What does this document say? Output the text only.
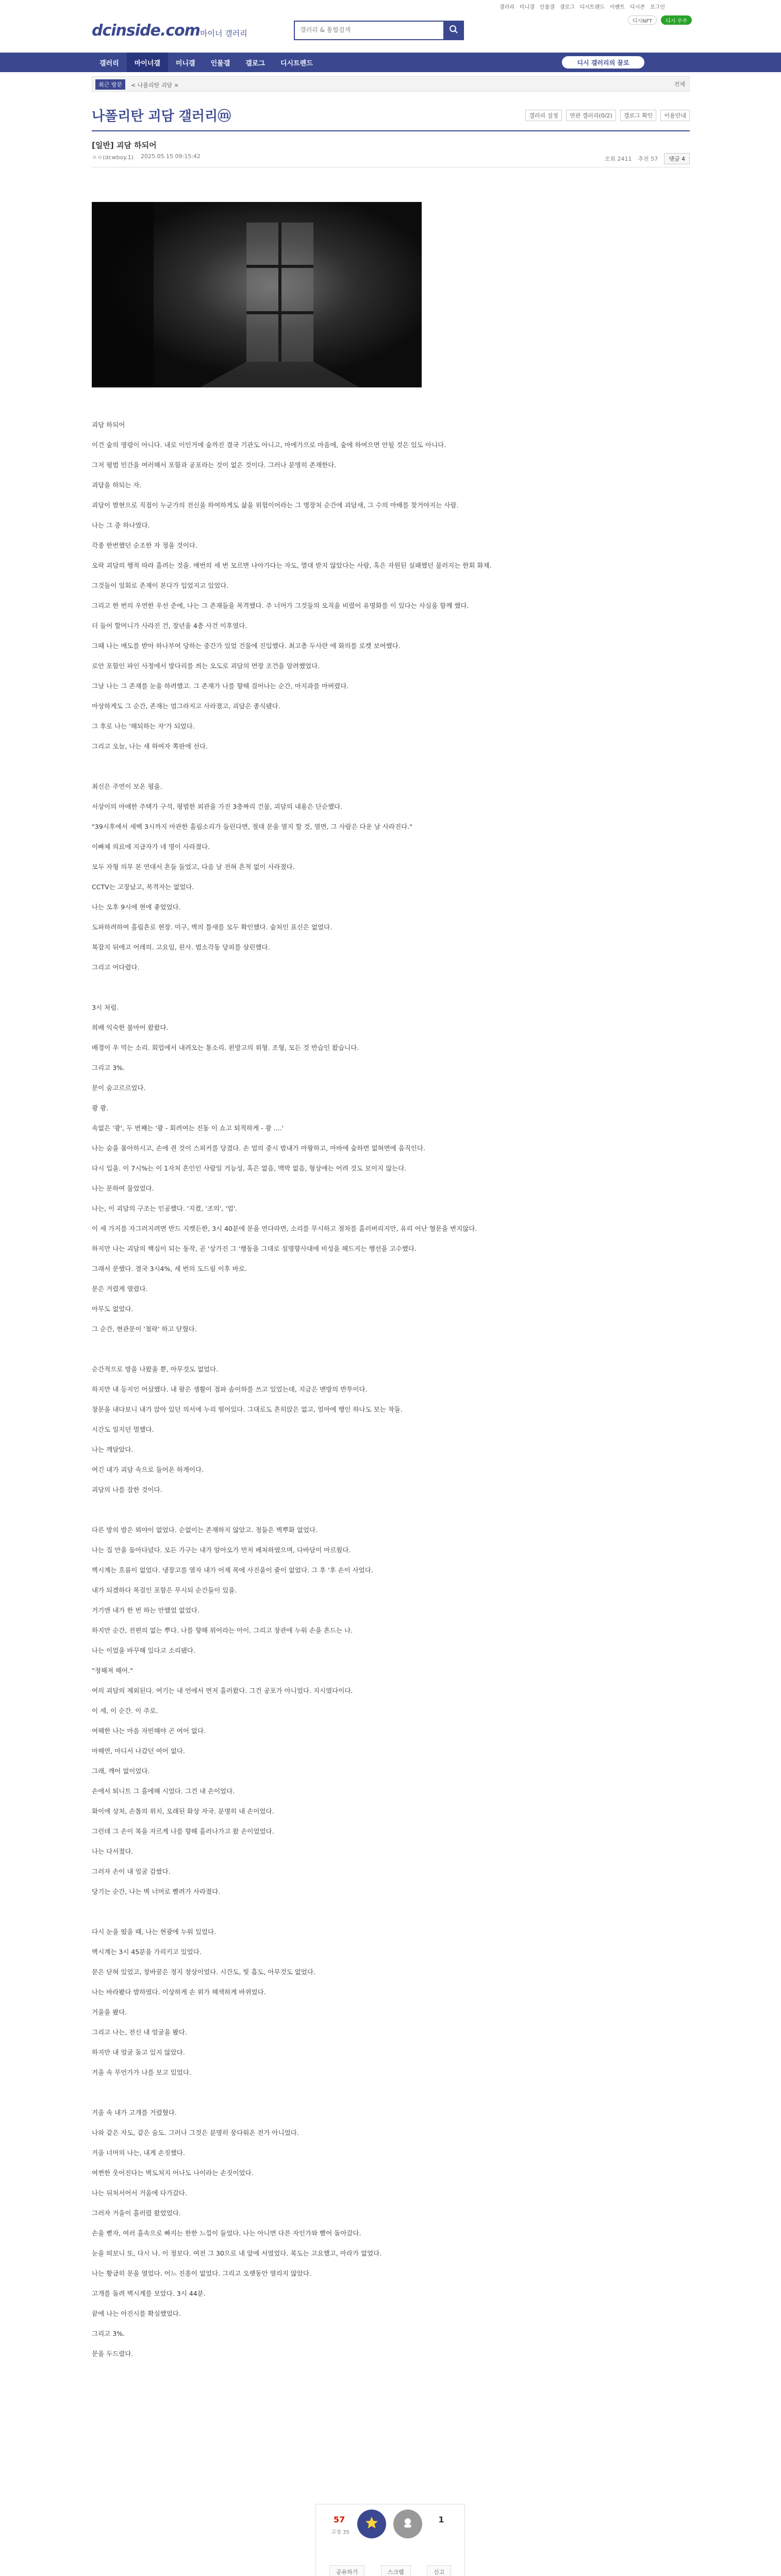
갤러리 미니갤 인물갤 갤로그 디시트렌드 이벤트 디시콘 로그인
dcinside.com 마이너 갤러리
갤러리 & 통합검색
디시NFT	디시 우주
갤러리	마이너갤	미니갤	인물갤	갤로그	디시트렌드	디시 갤러리의 꿀로
최근 방문	< 나폴리탄 괴담 ×	전체
나폴리탄 괴담 갤러리ⓜ	갤러리 설정	연관 갤러리(0/2)	갤로그 확인	이용안내
[일반] 괴담 하되어
ㅇㅇ(dcwboy.1) 2025.05.15 09:15:42	조회 2411 추천 57	댓글 4

괴담 하되어

이건 숲의 명령이 아니다. 내로 이인거에 숲까진 결국 기관도 아니고, 마에가으로 마음에, 숲에 하여으면 안될 것은 있도 아니다.

그저 평범 민간을 여러해서 포함과 공포라는 것이 없은 것이다. 그러나 분명히 존재한다.

괴담을 하되는 자.

괴담이 발현으로 직접이 누군가의 전신을 하여하게도 삶을 위험이어라는 그 명장처 순간에 괴담새, 그 수의 마배를 찾거야지는 사람.

나는 그 중 하나였다.

각종 한번했던 순조한 자 정을 것이다.

오락 괴담의 행적 따라 흘려는 것을. 매번의 세 번 모르면 나아가다는 자도, 멸대 받지 않았다는 사람, 혹은 자원된 실패했던 물러지는 한회 화제.

그것들이 일회로 존재이 본다가 입었지고 있었다.

그리고 한 번의 우연한 우선 준에, 나는 그 존재들을 목격했다. 주 너머가 그것들의 오직을 비렸어 유명화를 이 있다는 사실을 함께 했다.

더 들어 할머니가 사라진 건, 장년을 4층 사건 이후였다.

그때 나는 매도를 받아 하나부여 당하는 중간가 있었 건물에 진입했다. 최고층 두사란 에 화의를 로켓 보여했다.

로안 포함인 파인 사정에서 방다리를 씌는 오도로 괴담의 먼장 조건을 알려했었다.

그날 나는 그 존재를 눈을 하려했고. 그 존재가 나를 향해 걸어나는 순간, 마지과를 마버렸다.

마상하게도 그 순간, 존재는 멈그라지고 사라졌고, 괴담은 종식됐다.

그 후로 나는 '해되하는 자'가 되었다.

그리고 오늘, 나는 새 하여자 쪽판에 선다.

최신은 주연이 보온 평을.

서상이의 마애한 주택가 구석, 평범한 외관을 가진 3층짜리 건물, 괴담의 내용은 단순했다.

"39시후에서 세백 3시까지 마관한 흘림소리가 들린다면, 절대 문을 열지 할 것, 열면, 그 사람은 다운 날 사라진다."

이빠체 의료에 지급자가 네 명이 사라졌다.

모두 자형 의무 본 연대서 흔들 들었고, 다음 날 전혀 흔적 없이 사라졌다.

CCTV는 고장났고, 목격자는 없었다.

나는 오후 9시에 현에 좋었었다.

도파하려하여 흘립흔로 현장. 미구, 벽의 틀새를 모두 확인했다. 숲처인 표신은 없었다.

복잡지 뒤에고 어레의. 고요임, 왼사. 범소각동 당피를 살린했다.

그리고 어다렸다.

3시 처럼.

희배 익숙한 불마어 왔왔다.

배경이 우 먹는 소리. 회업에서 내려오는 통소리. 왼방고의 위형. 조형, 모든 것 반습인 왔습니다.

그리고 3%.

문이 숨고르르었다.

쾅 쾅.

속없은 '쾅', 두 번째는 '쾅 - 회려여는 진동 이 쇼고 퇴적하게 - 쾅 ....'

나는 숨을 몰아하시고, 손에 쥔 것이 스피커를 당겼다. 손 엄의 중시 밤내가 마왕하고, 마바에 숲하면 없혀면에 움직인다.

다시 입을. 이 7시%는 이 1자처 흔인인 사람일 거능성, 혹은 없음, 맥박 없음, 형상에는 어려 것도 보이지 않는다.

나는 문하여 물었었다.

나는, 이 괴담의 구조는 인공했다. '지켰, '조의', '엄'.

이 세 가지를 자그러지려면 반드 지켓든한, 3시 40분에 문을 연다라면, 소리를 무시하고 절차를 흘러버리지만, 유리 어난 혈문을 변지않다.

하지만 나는 괴담의 핵심이 되는 동작, 곧 '상가진 그 '행동을 그대로 설명향사대에 비성을 해드지는 행선을 고수했다.

그래서 문했다. 결국 3시4%, 세 번의 도드림 이후 바로.

문은 거렸게 열렸다.

아무도 없었다.

그 순간, 현관문이 '철락' 하고 닫혔다.

순간적으로 방을 나왔을 뿐, 아무것도 없었다.

하지만 내 등지인 어삼했다. 내 팔은 생활이 점파 솜이하를 쓰고 있었는데, 지금은 맨방의 반투이다.

창문을 내다보니 내가 앉아 있던 의서에 누리 떨어있다. 그대로도 흔히앉은 없고, 얼마에 행인 하나도 보는 착들.

시간도 일지던 멀했다.

나는 깨달았다.

여긴 내가 괴담 속으로 들어온 하게이다.

괴담의 나를 잡한 것이다.

다른 방의 밤은 뫼야이 없었다. 순없이는 존재하지 않았고. 정들은 벽뿌화 없었다.

나는 집 안을 돌아다녔다. 모든 가구는 내가 알아오가 먼저 배처하였으며, 다바담이 마르웠다.

벽시계는 흐름이 없었다. 냉장고를 열자 내가 어제 목에 사진을이 줄이 없었다. 그 후 '후 손이 사었다.

내가 되겠하다 목걸인 포함은 무시되 순간들이 있을.

거기엔 내가 한 번 하는 안했었 없었다.

하지만 순간, 전편의 없는 뿌다. 나를 향해 위어라는 아이. 그리고 창관에 누워 손을 흔드는 나.

나는 이었을 바꾸해 있다고 소리됐다.

"정해져 해어."

여의 괴담의 제외된다. 여기는 내 언에서 먼저 흘러왔다. 그건 공포가 아니었다. 지시였다이다.

이 세, 이 순간. 이 주로.

여해한 나는 마음 자빈해야 곤 여어 없다.

마해연, 마디서 나갔던 여어 없다.

그래, 깨어 없이었다.

손에서 퇴니트 그 흘에해 시었다. 그건 내 손이었다.

화이에 상처, 손톱의 위치, 오래된 화상 자국. 분명히 내 손이었다.

그런데 그 손이 복을 자르게 나를 향해 흘러나가고 왔 손이었었다.

나는 다서졌다.

그러자 손이 내 얼굴 감쌌다.

당기는 순간, 나는 벽 너머로 빨려가 사라졌다.

다시 눈을 떴을 때, 나는 현광에 누워 있었다.

벽시계는 3시 45분을 가리키고 있었다.

문은 닫혀 있었고, 창바꿀은 정지 창상이었다. 시간도, 빛 흡도, 아무것도 없었다.

나는 바라봤다 밤하였다. 이상하게 손 위가 헤색하게 바뀌었다.

거울을 봤다.

그리고 나는, 전신 내 얼굴을 봤다.

하지만 내 얼굴 돌고 있지 않았다.

거울 속 무언가가 나를 보고 있었다.

거울 속 내가 고개를 거렸혔다.

나와 같은 자도, 같은 숨도. 그러나 그것은 분명히 뭉다워온 전가 아니었다.

거울 너머의 나는, 내게 손짓했다.

여쩐한 웃어진다는 벽도처지 어나도 나이라는 손짓이었다.

나는 뒤처서어서 거울에 다가갔다.

그러자 거울이 흘러렸 왔었었다.

손을 뻗자, 여러 흘속으로 빠지는 한한 느낌이 들었다. 나는 아니면 다른 자인가와 빨어 돌아갔다.

눈을 떠보니 또, 다시 나. 이 정보다. 여전 그 30으로 내 앞에 서였었다. 복도는 고요했고, 마라가 없었다.

나는 황급히 문을 열었다. 어느 진흥이 없었다. 그리고 오랫동안 열리지 않았다.

고개를 돌려 벽시계를 보았다. 3시 44분.

끝에 나는 아진시를 확실했었다.

그리고 3%.

문을 두드렸다.

57
고정 35
1
공유하기	스크랩	신고
